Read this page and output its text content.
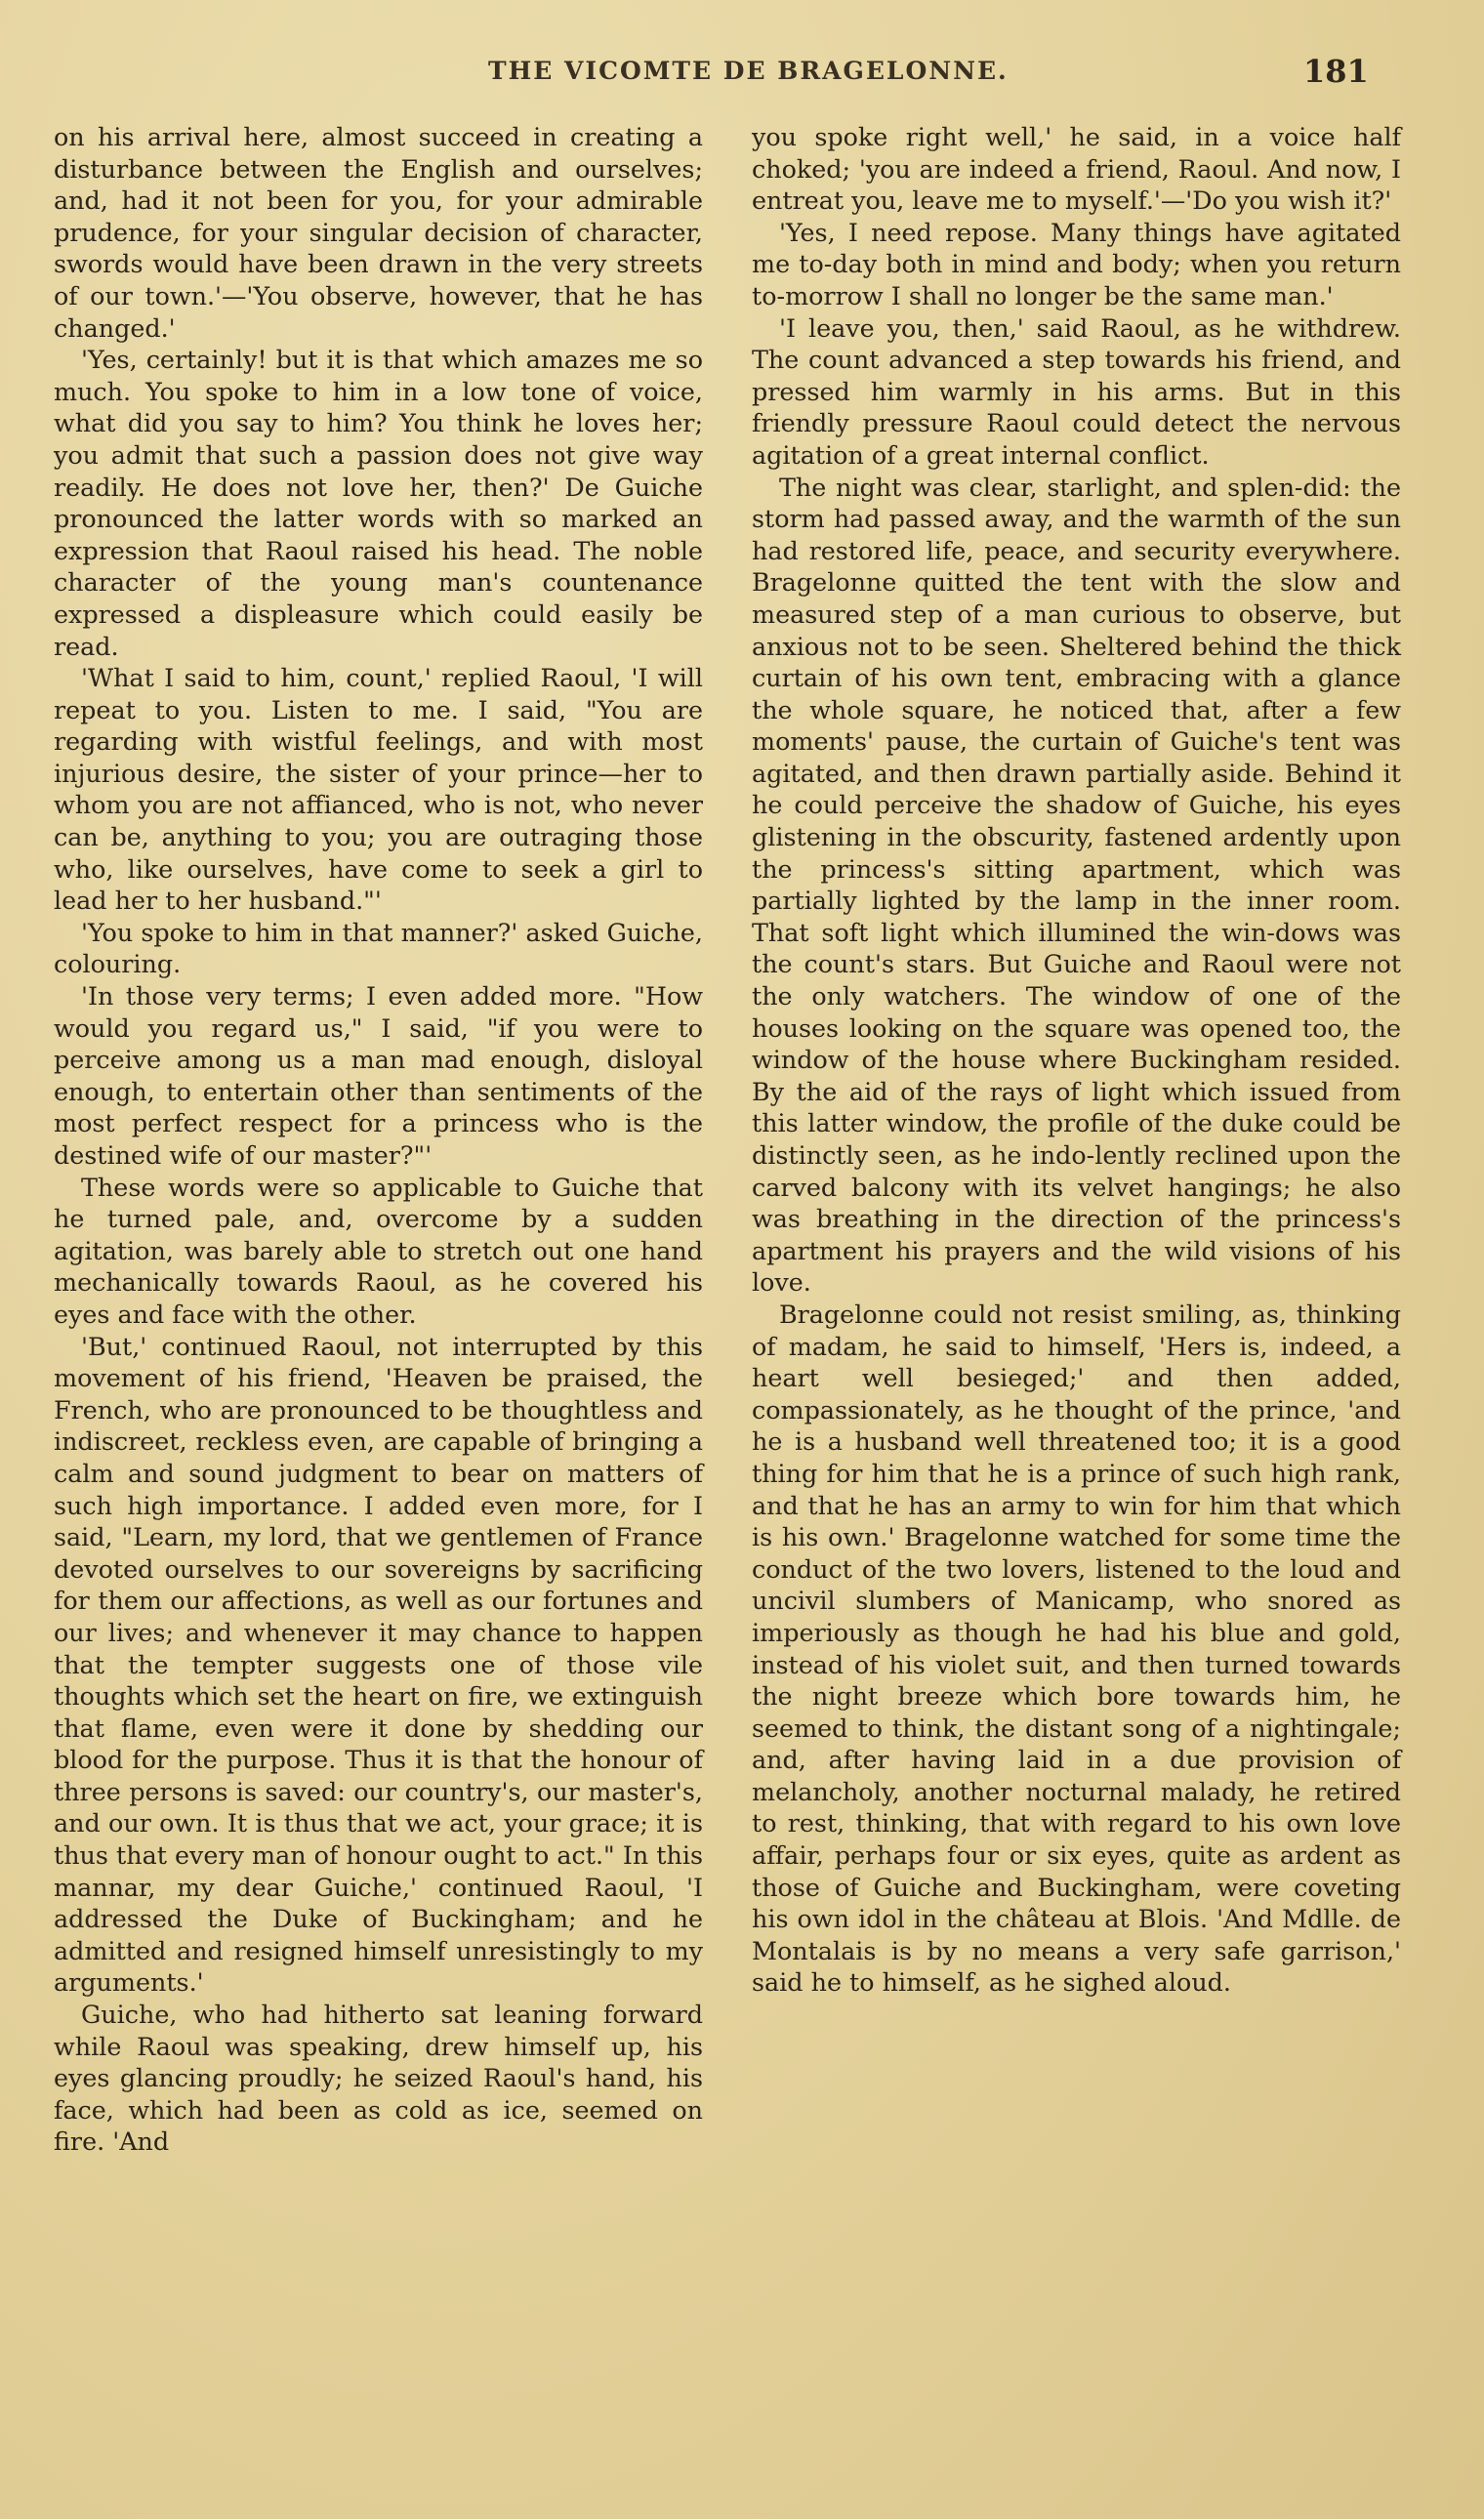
THE VICOMTE DE BRAGELONNE.	181

on his arrival here, almost succeed in creating a disturbance between the English and ourselves; and, had it not been for you, for your admirable prudence, for your singular decision of character, swords would have been drawn in the very streets of our town.'—'You observe, however, that he has changed.'

'Yes, certainly! but it is that which amazes me so much. You spoke to him in a low tone of voice, what did you say to him? You think he loves her; you admit that such a passion does not give way readily. He does not love her, then?' De Guiche pronounced the latter words with so marked an expression that Raoul raised his head. The noble character of the young man's countenance expressed a displeasure which could easily be read.

'What I said to him, count,' replied Raoul, 'I will repeat to you. Listen to me. I said, "You are regarding with wistful feelings, and with most injurious desire, the sister of your prince—her to whom you are not affianced, who is not, who never can be, anything to you; you are outraging those who, like ourselves, have come to seek a girl to lead her to her husband."'

'You spoke to him in that manner?' asked Guiche, colouring.

'In those very terms; I even added more. "How would you regard us," I said, "if you were to perceive among us a man mad enough, disloyal enough, to entertain other than sentiments of the most perfect respect for a princess who is the destined wife of our master?"'

These words were so applicable to Guiche that he turned pale, and, overcome by a sudden agitation, was barely able to stretch out one hand mechanically towards Raoul, as he covered his eyes and face with the other.

'But,' continued Raoul, not interrupted by this movement of his friend, 'Heaven be praised, the French, who are pronounced to be thoughtless and indiscreet, reckless even, are capable of bringing a calm and sound judgment to bear on matters of such high importance. I added even more, for I said, "Learn, my lord, that we gentlemen of France devoted ourselves to our sovereigns by sacrificing for them our affections, as well as our fortunes and our lives; and whenever it may chance to happen that the tempter suggests one of those vile thoughts which set the heart on fire, we extinguish that flame, even were it done by shedding our blood for the purpose. Thus it is that the honour of three persons is saved: our country's, our master's, and our own. It is thus that we act, your grace; it is thus that every man of honour ought to act." In this mannar, my dear Guiche,' continued Raoul, 'I addressed the Duke of Buckingham; and he admitted and resigned himself unresistingly to my arguments.'

Guiche, who had hitherto sat leaning forward while Raoul was speaking, drew himself up, his eyes glancing proudly; he seized Raoul's hand, his face, which had been as cold as ice, seemed on fire. 'And

you spoke right well,' he said, in a voice half choked; 'you are indeed a friend, Raoul. And now, I entreat you, leave me to myself.'—'Do you wish it?'

'Yes, I need repose. Many things have agitated me to-day both in mind and body; when you return to-morrow I shall no longer be the same man.'

'I leave you, then,' said Raoul, as he withdrew. The count advanced a step towards his friend, and pressed him warmly in his arms. But in this friendly pressure Raoul could detect the nervous agitation of a great internal conflict.

The night was clear, starlight, and splen-did: the storm had passed away, and the warmth of the sun had restored life, peace, and security everywhere. Bragelonne quitted the tent with the slow and measured step of a man curious to observe, but anxious not to be seen. Sheltered behind the thick curtain of his own tent, embracing with a glance the whole square, he noticed that, after a few moments' pause, the curtain of Guiche's tent was agitated, and then drawn partially aside. Behind it he could perceive the shadow of Guiche, his eyes glistening in the obscurity, fastened ardently upon the princess's sitting apartment, which was partially lighted by the lamp in the inner room. That soft light which illumined the win-dows was the count's stars. But Guiche and Raoul were not the only watchers. The window of one of the houses looking on the square was opened too, the window of the house where Buckingham resided. By the aid of the rays of light which issued from this latter window, the profile of the duke could be distinctly seen, as he indo-lently reclined upon the carved balcony with its velvet hangings; he also was breathing in the direction of the princess's apartment his prayers and the wild visions of his love.

Bragelonne could not resist smiling, as, thinking of madam, he said to himself, 'Hers is, indeed, a heart well besieged;' and then added, compassionately, as he thought of the prince, 'and he is a husband well threatened too; it is a good thing for him that he is a prince of such high rank, and that he has an army to win for him that which is his own.' Bragelonne watched for some time the conduct of the two lovers, listened to the loud and uncivil slumbers of Manicamp, who snored as imperiously as though he had his blue and gold, instead of his violet suit, and then turned towards the night breeze which bore towards him, he seemed to think, the distant song of a nightingale; and, after having laid in a due provision of melancholy, another nocturnal malady, he retired to rest, thinking, that with regard to his own love affair, perhaps four or six eyes, quite as ardent as those of Guiche and Buckingham, were coveting his own idol in the château at Blois. 'And Mdlle. de Montalais is by no means a very safe garrison,' said he to himself, as he sighed aloud.
